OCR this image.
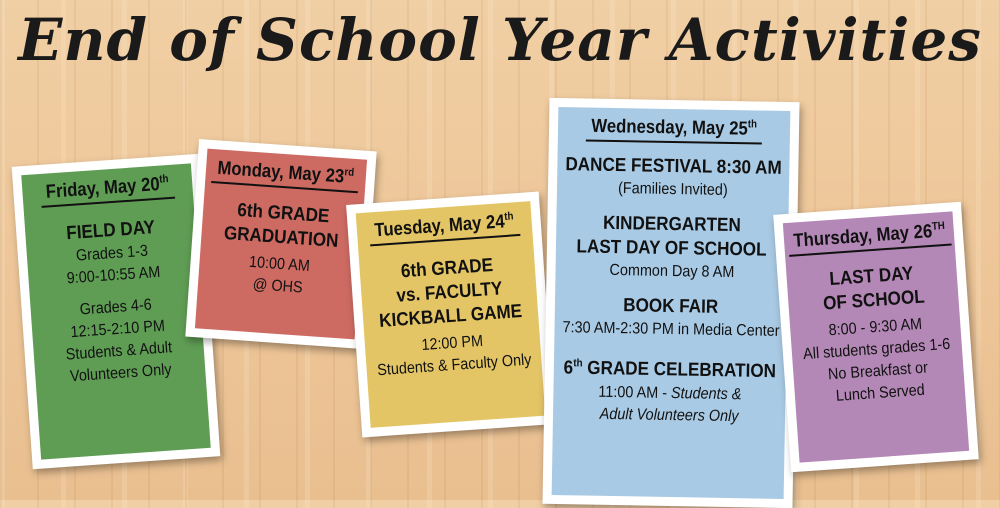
End of School Year Activities
Friday, May 20th
FIELD DAY
Grades 1-3
9:00-10:55 AM
Grades 4-6
12:15-2:10 PM
Students & Adult
Volunteers Only
Monday, May 23rd
6th GRADE
GRADUATION
10:00 AM
@ OHS
Tuesday, May 24th
6th GRADE
vs. FACULTY
KICKBALL GAME
12:00 PM
Students & Faculty Only
Wednesday, May 25th
DANCE FESTIVAL 8:30 AM
(Families Invited)
KINDERGARTEN
LAST DAY OF SCHOOL
Common Day 8 AM
BOOK FAIR
7:30 AM-2:30 PM in Media Center
6th GRADE CELEBRATION
11:00 AM - Students &
Adult Volunteers Only
Thursday, May 26TH
LAST DAY
OF SCHOOL
8:00 - 9:30 AM
All students grades 1-6
No Breakfast or
Lunch Served
